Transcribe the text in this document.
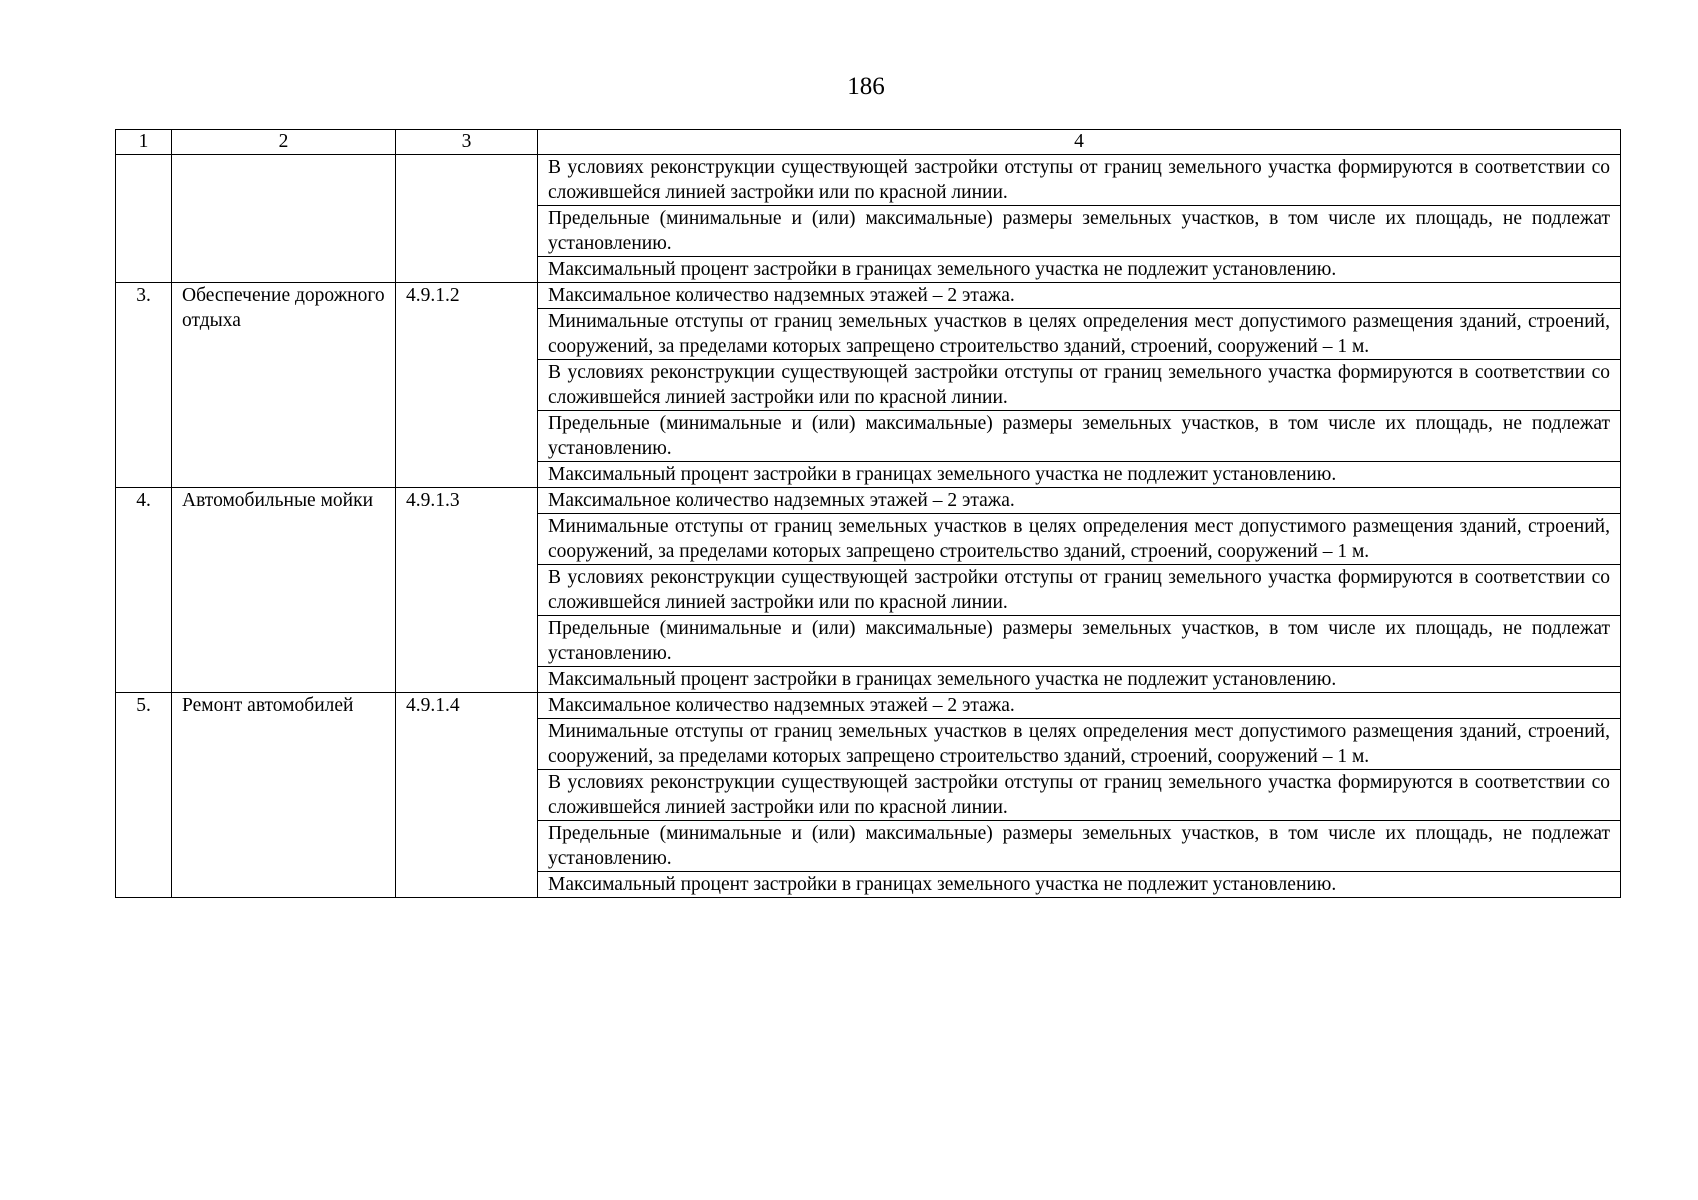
186
1	2	3	4
			В условиях реконструкции существующей застройки отступы от границ земельного участка формируются в соответствии со сложившейся линией застройки или по красной линии.
			Предельные (минимальные и (или) максимальные) размеры земельных участков, в том числе их площадь, не подлежат установлению.
			Максимальный процент застройки в границах земельного участка не подлежит установлению.
3.	Обеспечение дорожного отдыха	4.9.1.2	Максимальное количество надземных этажей – 2 этажа.
			Минимальные отступы от границ земельных участков в целях определения мест допустимого размещения зданий, строений, сооружений, за пределами которых запрещено строительство зданий, строений, сооружений – 1 м.
			В условиях реконструкции существующей застройки отступы от границ земельного участка формируются в соответствии со сложившейся линией застройки или по красной линии.
			Предельные (минимальные и (или) максимальные) размеры земельных участков, в том числе их площадь, не подлежат установлению.
			Максимальный процент застройки в границах земельного участка не подлежит установлению.
4.	Автомобильные мойки	4.9.1.3	Максимальное количество надземных этажей – 2 этажа.
			Минимальные отступы от границ земельных участков в целях определения мест допустимого размещения зданий, строений, сооружений, за пределами которых запрещено строительство зданий, строений, сооружений – 1 м.
			В условиях реконструкции существующей застройки отступы от границ земельного участка формируются в соответствии со сложившейся линией застройки или по красной линии.
			Предельные (минимальные и (или) максимальные) размеры земельных участков, в том числе их площадь, не подлежат установлению.
			Максимальный процент застройки в границах земельного участка не подлежит установлению.
5.	Ремонт автомобилей	4.9.1.4	Максимальное количество надземных этажей – 2 этажа.
			Минимальные отступы от границ земельных участков в целях определения мест допустимого размещения зданий, строений, сооружений, за пределами которых запрещено строительство зданий, строений, сооружений – 1 м.
			В условиях реконструкции существующей застройки отступы от границ земельного участка формируются в соответствии со сложившейся линией застройки или по красной линии.
			Предельные (минимальные и (или) максимальные) размеры земельных участков, в том числе их площадь, не подлежат установлению.
			Максимальный процент застройки в границах земельного участка не подлежит установлению.
